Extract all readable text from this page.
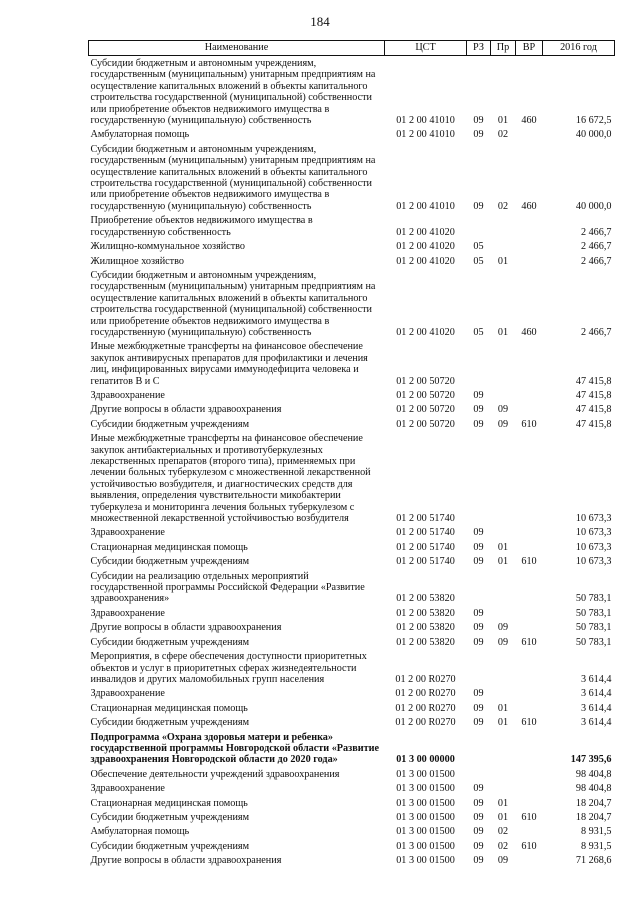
184
Наименование	ЦСТ	РЗ	Пр	ВР	2016 год
Субсидии бюджетным и автономным учреждениям, государственным (муниципальным) унитарным предприятиям на осуществление капитальных вложений в объекты капитального строительства государственной (муниципальной) собственности или приобретение объектов недвижимого имущества в государственную (муниципальную) собственность	01 2 00 41010	09	01	460	16 672,5
Амбулаторная помощь	01 2 00 41010	09	02		40 000,0
Субсидии бюджетным и автономным учреждениям, государственным (муниципальным) унитарным предприятиям на осуществление капитальных вложений в объекты капитального строительства государственной (муниципальной) собственности или приобретение объектов недвижимого имущества в государственную (муниципальную) собственность	01 2 00 41010	09	02	460	40 000,0
Приобретение объектов недвижимого имущества в государственную собственность	01 2 00 41020				2 466,7
Жилищно-коммунальное хозяйство	01 2 00 41020	05			2 466,7
Жилищное хозяйство	01 2 00 41020	05	01		2 466,7
Субсидии бюджетным и автономным учреждениям, государственным (муниципальным) унитарным предприятиям на осуществление капитальных вложений в объекты капитального строительства государственной (муниципальной) собственности или приобретение объектов недвижимого имущества в государственную (муниципальную) собственность	01 2 00 41020	05	01	460	2 466,7
Иные межбюджетные трансферты на финансовое обеспечение закупок антивирусных препаратов для профилактики и лечения лиц, инфицированных вирусами иммунодефицита человека и гепатитов В и С	01 2 00 50720				47 415,8
Здравоохранение	01 2 00 50720	09			47 415,8
Другие вопросы в области здравоохранения	01 2 00 50720	09	09		47 415,8
Субсидии бюджетным учреждениям	01 2 00 50720	09	09	610	47 415,8
Иные межбюджетные трансферты на финансовое обеспечение закупок антибактериальных и противотуберкулезных лекарственных препаратов (второго типа), применяемых при лечении больных туберкулезом с множественной лекарственной устойчивостью возбудителя, и диагностических средств для выявления, определения чувствительности микобактерии туберкулеза и мониторинга лечения больных туберкулезом с множественной лекарственной устойчивостью возбудителя	01 2 00 51740				10 673,3
Здравоохранение	01 2 00 51740	09			10 673,3
Стационарная медицинская помощь	01 2 00 51740	09	01		10 673,3
Субсидии бюджетным учреждениям	01 2 00 51740	09	01	610	10 673,3
Субсидии на реализацию отдельных мероприятий государственной программы Российской Федерации «Развитие здравоохранения»	01 2 00 53820				50 783,1
Здравоохранение	01 2 00 53820	09			50 783,1
Другие вопросы в области здравоохранения	01 2 00 53820	09	09		50 783,1
Субсидии бюджетным учреждениям	01 2 00 53820	09	09	610	50 783,1
Мероприятия, в сфере обеспечения доступности приоритетных объектов и услуг в приоритетных сферах жизнедеятельности инвалидов и других маломобильных групп населения	01 2 00 R0270				3 614,4
Здравоохранение	01 2 00 R0270	09			3 614,4
Стационарная медицинская помощь	01 2 00 R0270	09	01		3 614,4
Субсидии бюджетным учреждениям	01 2 00 R0270	09	01	610	3 614,4
Подпрограмма «Охрана здоровья матери и ребенка» государственной программы Новгородской области «Развитие здравоохранения Новгородской области до 2020 года»	01 3 00 00000				147 395,6
Обеспечение деятельности учреждений здравоохранения	01 3 00 01500				98 404,8
Здравоохранение	01 3 00 01500	09			98 404,8
Стационарная медицинская помощь	01 3 00 01500	09	01		18 204,7
Субсидии бюджетным учреждениям	01 3 00 01500	09	01	610	18 204,7
Амбулаторная помощь	01 3 00 01500	09	02		8 931,5
Субсидии бюджетным учреждениям	01 3 00 01500	09	02	610	8 931,5
Другие вопросы в области здравоохранения	01 3 00 01500	09	09		71 268,6
